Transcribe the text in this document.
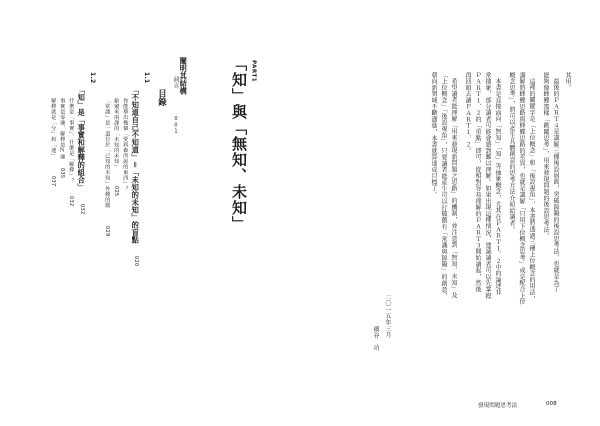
PART1
「知」與「無知、未知」
闡明其結構
目錄
前言
001
1.1
「不知道自己不知道」＝「未知的未知」的盲點
020
你能舉出幾個「愛莉森所說的東西」？
偷窺來兩課的「未知的未知」
025
「常識」是一道位於「已知的未知」外側的牆
029
1.2
「知」是「事實和解釋的組合」
032
什麼是「事實」、什麼是「解釋」？
032
事實是零廉、解釋是N廉
035
解釋就是「分」和「連」
037
其用。
最後的ＰＡＲＴ４是講解三種後設層級，突破障礙的後設思考法，也就是為了
能夠像蜂鰈那樣「跳躍思考」，用來發現問題的後設思考法。
這裡的關鍵字是「上位概念」和「後設視角」，本書將透過三種上位概念的用法，
講解將蜂鰈思路與蜂鰈思路的差異，也就是講解「只用下位概念思考」或是配合上位
概念思考」，將可以產生具體創意的思考方法介紹給讀者。
本書是直接面向「無知」「知」等抽象概念，尤其在ＰＡＲＴ１、２中的論述非
常抽象，部分讀者可能會感到難以理解。如果出現這種情況，建議讀者可以先掌握
ＰＡＲＴ１、２的「重點」即可，從相對容易理解的ＰＡＲＴ３開始讀起，然後
再回頭去讀ＰＡＲＴ１、２。
希望讀者能理解「用來發現新問題之思路」的機制，並注意到「無知、未知」及
「上位概念」「後設視角」，只要讀者能產生可以打破舊有「常識與障礙」的創意，
朝向新領域不斷邁進，本書就算達成目標了。
二〇一五年三月
細谷　功
發現問題思考法	008
